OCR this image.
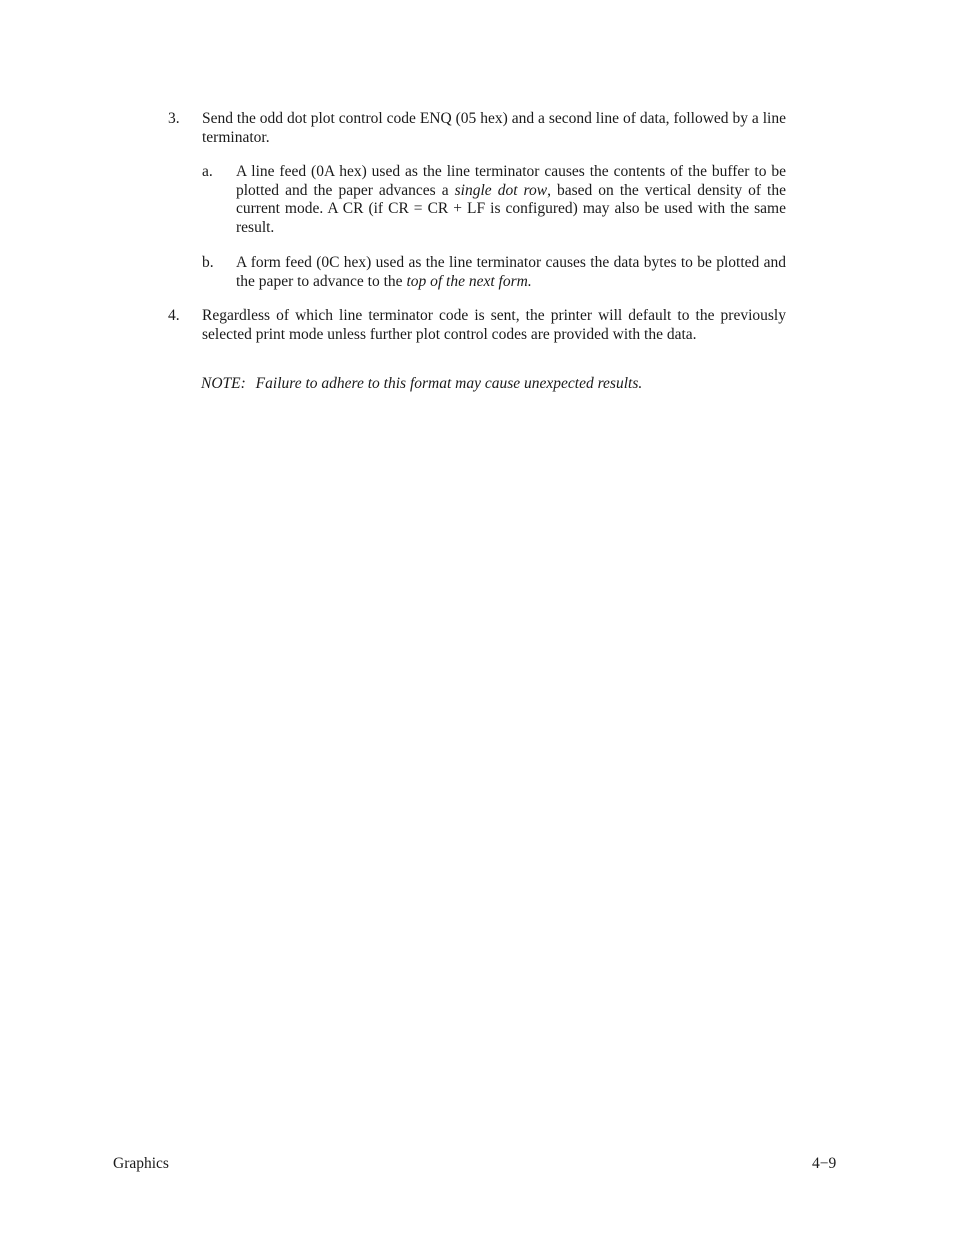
3. Send the odd dot plot control code ENQ (05 hex) and a second line of data, followed by a line terminator.
a. A line feed (0A hex) used as the line terminator causes the contents of the buffer to be plotted and the paper advances a single dot row, based on the vertical density of the current mode. A CR (if CR = CR + LF is configured) may also be used with the same result.
b. A form feed (0C hex) used as the line terminator causes the data bytes to be plotted and the paper to advance to the top of the next form.
4. Regardless of which line terminator code is sent, the printer will default to the previously selected print mode unless further plot control codes are provided with the data.
NOTE: Failure to adhere to this format may cause unexpected results.
Graphics	4−9
